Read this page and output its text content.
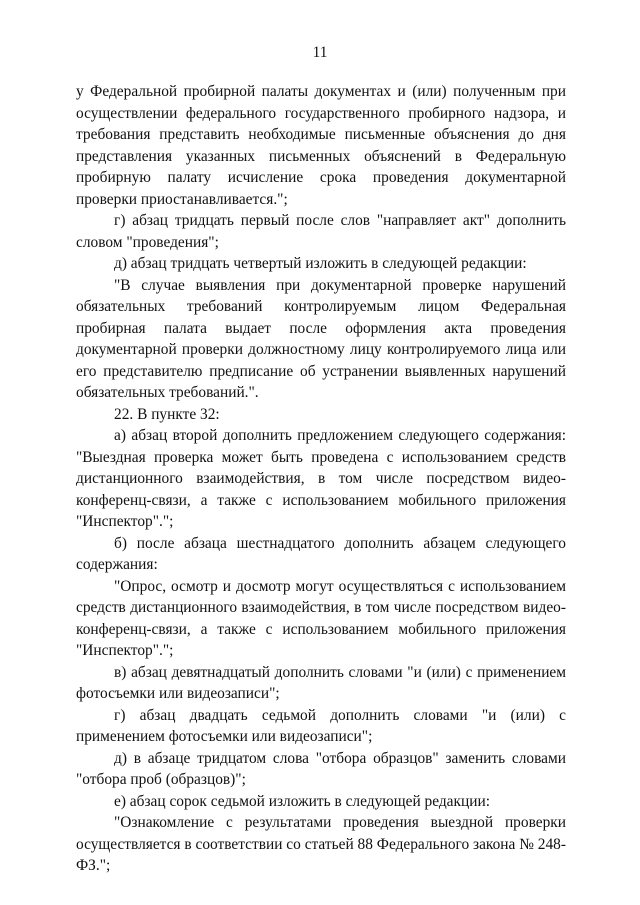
11

у Федеральной пробирной палаты документах и (или) полученным при осуществлении федерального государственного пробирного надзора, и требования представить необходимые письменные объяснения до дня представления указанных письменных объяснений в Федеральную пробирную палату исчисление срока проведения документарной проверки приостанавливается.";

г) абзац тридцать первый после слов "направляет акт" дополнить словом "проведения";

д) абзац тридцать четвертый изложить в следующей редакции:

"В случае выявления при документарной проверке нарушений обязательных требований контролируемым лицом Федеральная пробирная палата выдает после оформления акта проведения документарной проверки должностному лицу контролируемого лица или его представителю предписание об устранении выявленных нарушений обязательных требований.".

22. В пункте 32:

а) абзац второй дополнить предложением следующего содержания: "Выездная проверка может быть проведена с использованием средств дистанционного взаимодействия, в том числе посредством видео-конференц-связи, а также с использованием мобильного приложения "Инспектор".";

б) после абзаца шестнадцатого дополнить абзацем следующего содержания:

"Опрос, осмотр и досмотр могут осуществляться с использованием средств дистанционного взаимодействия, в том числе посредством видео-конференц-связи, а также с использованием мобильного приложения "Инспектор".";

в) абзац девятнадцатый дополнить словами "и (или) с применением фотосъемки или видеозаписи";

г) абзац двадцать седьмой дополнить словами "и (или) с применением фотосъемки или видеозаписи";

д) в абзаце тридцатом слова "отбора образцов" заменить словами "отбора проб (образцов)";

е) абзац сорок седьмой изложить в следующей редакции:

"Ознакомление с результатами проведения выездной проверки осуществляется в соответствии со статьей 88 Федерального закона № 248-ФЗ.";
